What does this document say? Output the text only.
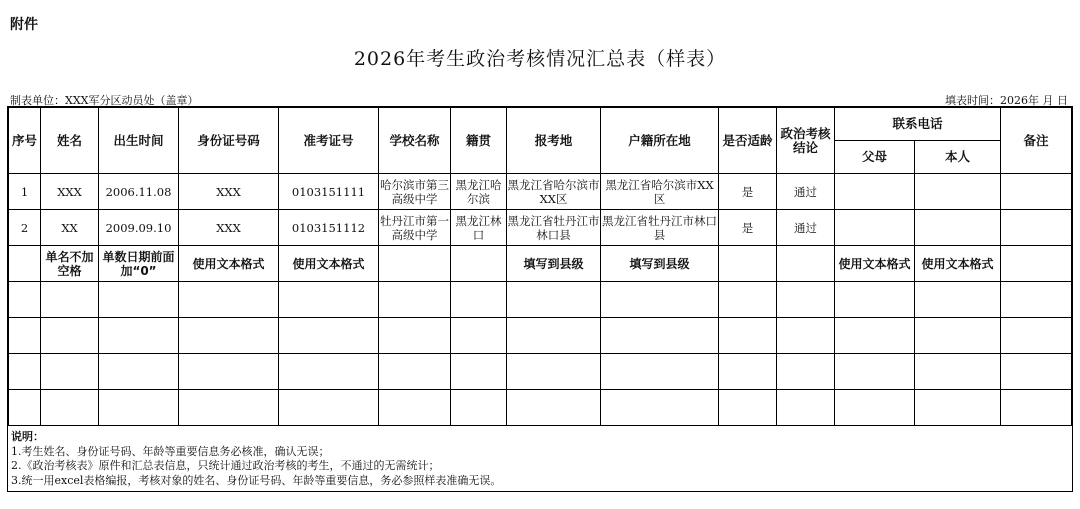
附件
2026年考生政治考核情况汇总表（样表）
制表单位：XXX军分区动员处（盖章）	填表时间：2026年 月 日
序号	姓名	出生时间	身份证号码	准考证号	学校名称	籍贯	报考地	户籍所在地	是否适龄	政治考核结论	联系电话		备注
											父母	本人	
1	XXX	2006.11.08	XXX	0103151111	哈尔滨市第三高级中学	黑龙江哈尔滨	黑龙江省哈尔滨市XX区	黑龙江省哈尔滨市XX区	是	通过			
2	XX	2009.09.10	XXX	0103151112	牡丹江市第一高级中学	黑龙江林口	黑龙江省牡丹江市林口县	黑龙江省牡丹江市林口县	是	通过			
	单名不加空格	单数日期前面加“0”	使用文本格式	使用文本格式			填写到县级	填写到县级			使用文本格式	使用文本格式	

说明：
1.考生姓名、身份证号码、年龄等重要信息务必核准，确认无误；
2.《政治考核表》原件和汇总表信息，只统计通过政治考核的考生，不通过的无需统计；
3.统一用excel表格编报，考核对象的姓名、身份证号码、年龄等重要信息，务必参照样表准确无误。
